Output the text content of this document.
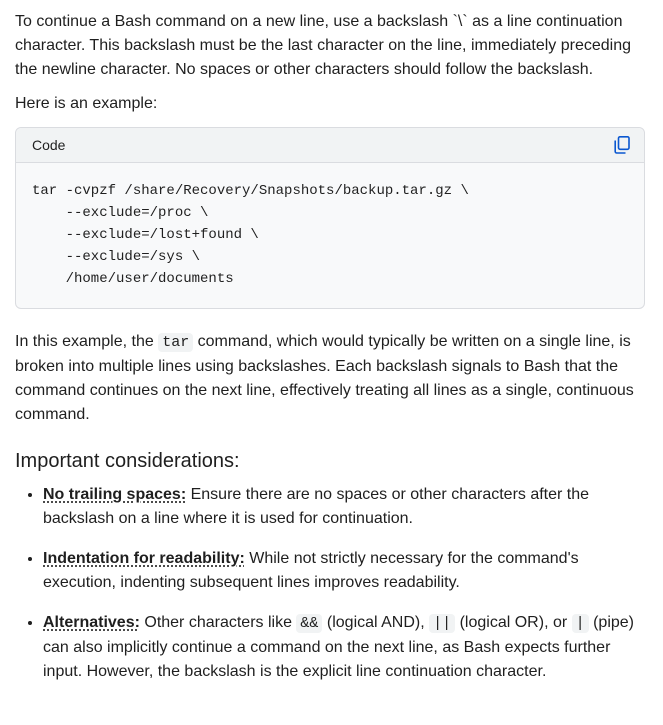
To continue a Bash command on a new line, use a backslash `\` as a line continuation character. This backslash must be the last character on the line, immediately preceding the newline character. No spaces or other characters should follow the backslash.

Here is an example:

Code
tar -cvpzf /share/Recovery/Snapshots/backup.tar.gz \
--exclude=/proc \
--exclude=/lost+found \
--exclude=/sys \
/home/user/documents

In this example, the tar command, which would typically be written on a single line, is broken into multiple lines using backslashes. Each backslash signals to Bash that the command continues on the next line, effectively treating all lines as a single, continuous command.

Important considerations:
• No trailing spaces: Ensure there are no spaces or other characters after the backslash on a line where it is used for continuation.
• Indentation for readability: While not strictly necessary for the command's execution, indenting subsequent lines improves readability.
• Alternatives: Other characters like && (logical AND), || (logical OR), or | (pipe) can also implicitly continue a command on the next line, as Bash expects further input. However, the backslash is the explicit line continuation character.
